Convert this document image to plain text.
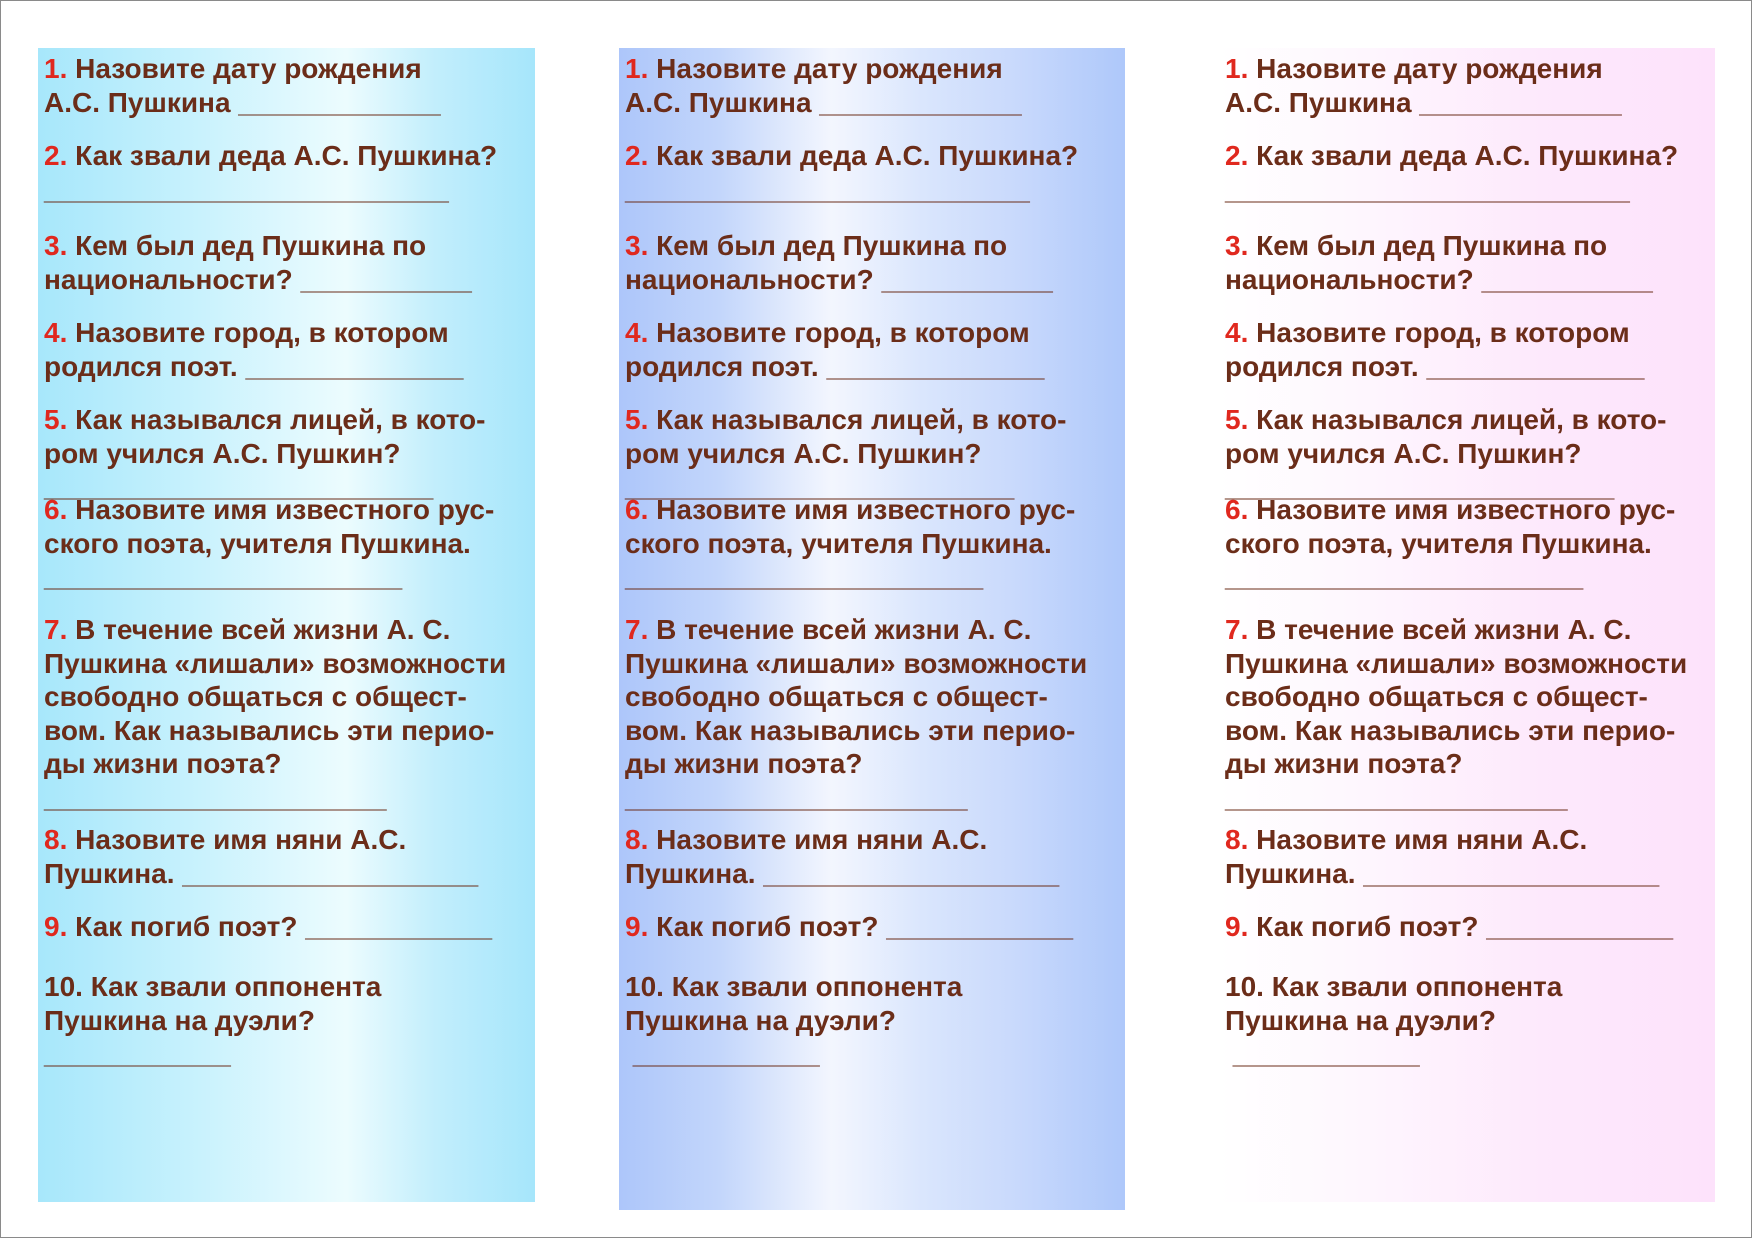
1. Назовите дату рождения
А.С. Пушкина _____________

2. Как звали деда А.С. Пушкина?
__________________________

3. Кем был дед Пушкина по
национальности? ___________

4. Назовите город, в котором
родился поэт. ______________

5. Как назывался лицей, в кото-
ром учился А.С. Пушкин?
_________________________

6. Назовите имя известного рус-
ского поэта, учителя Пушкина.
_______________________

7. В течение всей жизни А. С.
Пушкина «лишали» возможности
свободно общаться с общест-
вом. Как назывались эти перио-
ды жизни поэта?
______________________

8. Назовите имя няни А.С.
Пушкина. ___________________

9. Как погиб поэт? ____________

10. Как звали оппонента
Пушкина на дуэли?
____________

1. Назовите дату рождения
А.С. Пушкина _____________

2. Как звали деда А.С. Пушкина?
__________________________

3. Кем был дед Пушкина по
национальности? ___________

4. Назовите город, в котором
родился поэт. ______________

5. Как назывался лицей, в кото-
ром учился А.С. Пушкин?
_________________________

6. Назовите имя известного рус-
ского поэта, учителя Пушкина.
_______________________

7. В течение всей жизни А. С.
Пушкина «лишали» возможности
свободно общаться с общест-
вом. Как назывались эти перио-
ды жизни поэта?
______________________

8. Назовите имя няни А.С.
Пушкина. ___________________

9. Как погиб поэт? ____________

10. Как звали оппонента
Пушкина на дуэли?
____________

1. Назовите дату рождения
А.С. Пушкина _____________

2. Как звали деда А.С. Пушкина?
__________________________

3. Кем был дед Пушкина по
национальности? ___________

4. Назовите город, в котором
родился поэт. ______________

5. Как назывался лицей, в кото-
ром учился А.С. Пушкин?
_________________________

6. Назовите имя известного рус-
ского поэта, учителя Пушкина.
_______________________

7. В течение всей жизни А. С.
Пушкина «лишали» возможности
свободно общаться с общест-
вом. Как назывались эти перио-
ды жизни поэта?
______________________

8. Назовите имя няни А.С.
Пушкина. ___________________

9. Как погиб поэт? ____________

10. Как звали оппонента
Пушкина на дуэли?
____________
